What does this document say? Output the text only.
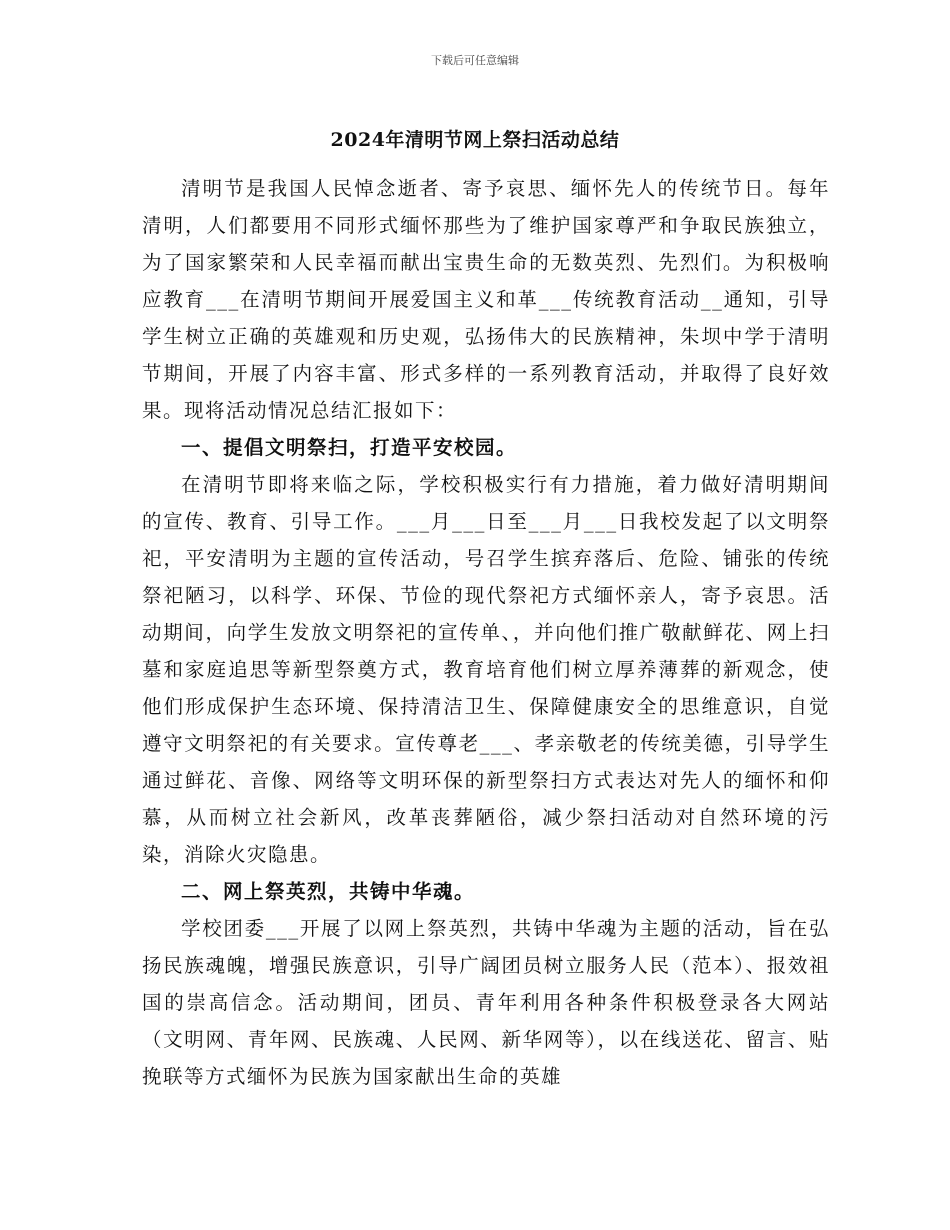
下载后可任意编辑
2024年清明节网上祭扫活动总结

清明节是我国人民悼念逝者、寄予哀思、缅怀先人的传统节日。每年清明，人们都要用不同形式缅怀那些为了维护国家尊严和争取民族独立，为了国家繁荣和人民幸福而献出宝贵生命的无数英烈、先烈们。为积极响应教育___在清明节期间开展爱国主义和革___传统教育活动__通知，引导学生树立正确的英雄观和历史观，弘扬伟大的民族精神，朱坝中学于清明节期间，开展了内容丰富、形式多样的一系列教育活动，并取得了良好效果。现将活动情况总结汇报如下：

一、提倡文明祭扫，打造平安校园。

在清明节即将来临之际，学校积极实行有力措施，着力做好清明期间的宣传、教育、引导工作。___月___日至___月___日我校发起了以文明祭祀，平安清明为主题的宣传活动，号召学生摈弃落后、危险、铺张的传统祭祀陋习，以科学、环保、节俭的现代祭祀方式缅怀亲人，寄予哀思。活动期间，向学生发放文明祭祀的宣传单、，并向他们推广敬献鲜花、网上扫墓和家庭追思等新型祭奠方式，教育培育他们树立厚养薄葬的新观念，使他们形成保护生态环境、保持清洁卫生、保障健康安全的思维意识，自觉遵守文明祭祀的有关要求。宣传尊老___、孝亲敬老的传统美德，引导学生通过鲜花、音像、网络等文明环保的新型祭扫方式表达对先人的缅怀和仰慕，从而树立社会新风，改革丧葬陋俗，减少祭扫活动对自然环境的污染，消除火灾隐患。

二、网上祭英烈，共铸中华魂。

学校团委___开展了以网上祭英烈，共铸中华魂为主题的活动，旨在弘扬民族魂魄，增强民族意识，引导广阔团员树立服务人民（范本）、报效祖国的崇高信念。活动期间，团员、青年利用各种条件积极登录各大网站（文明网、青年网、民族魂、人民网、新华网等），以在线送花、留言、贴挽联等方式缅怀为民族为国家献出生命的英雄
